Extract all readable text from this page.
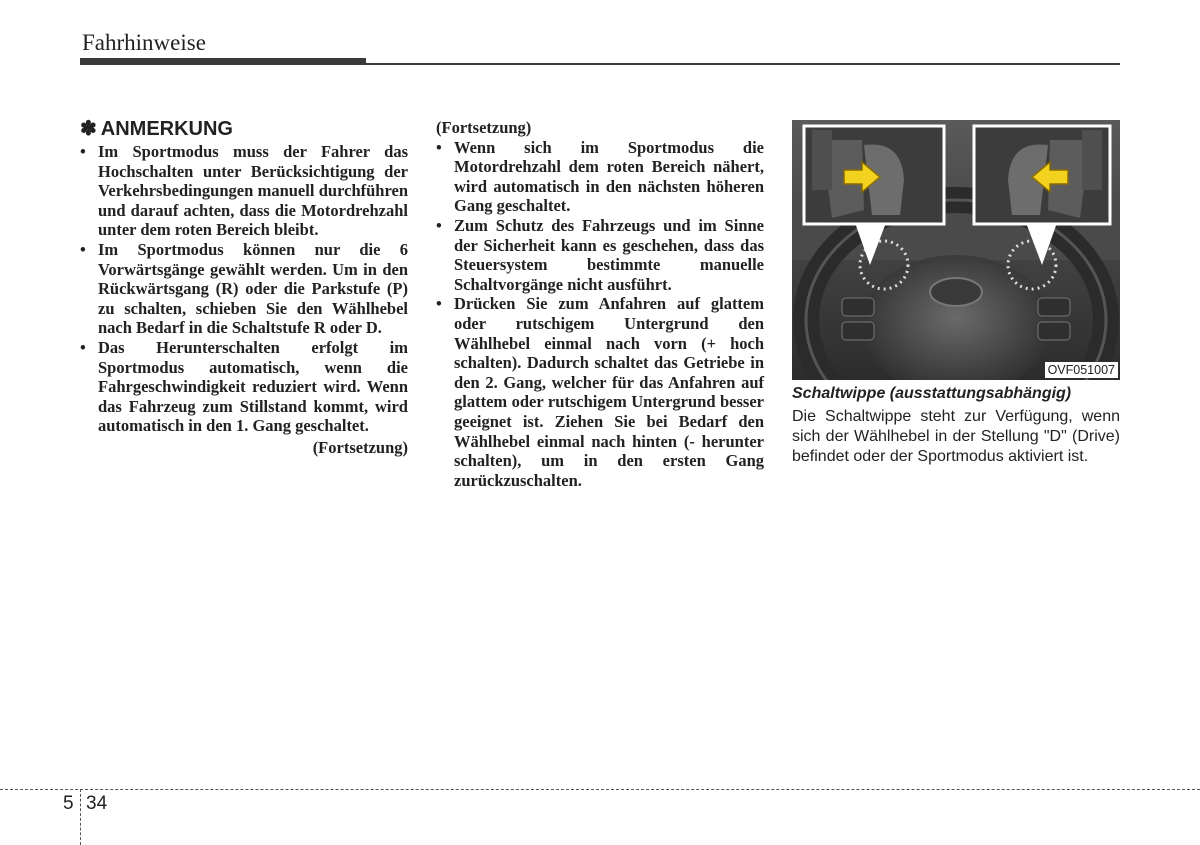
Fahrhinweise
✽ ANMERKUNG
• Im Sportmodus muss der Fahrer das Hochschalten unter Berücksichtigung der Verkehrsbedingungen manuell durchführen und darauf achten, dass die Motordrehzahl unter dem roten Bereich bleibt.
• Im Sportmodus können nur die 6 Vorwärtsgänge gewählt werden. Um in den Rückwärtsgang (R) oder die Parkstufe (P) zu schalten, schieben Sie den Wählhebel nach Bedarf in die Schaltstufe R oder D.
• Das Herunterschalten erfolgt im Sportmodus automatisch, wenn die Fahrgeschwindigkeit reduziert wird. Wenn das Fahrzeug zum Stillstand kommt, wird automatisch in den 1. Gang geschaltet.
(Fortsetzung)
(Fortsetzung)
• Wenn sich im Sportmodus die Motordrehzahl dem roten Bereich nähert, wird automatisch in den nächsten höheren Gang geschaltet.
• Zum Schutz des Fahrzeugs und im Sinne der Sicherheit kann es geschehen, dass das Steuersystem bestimmte manuelle Schaltvorgänge nicht ausführt.
• Drücken Sie zum Anfahren auf glattem oder rutschigem Untergrund den Wählhebel einmal nach vorn (+ hoch schalten). Dadurch schaltet das Getriebe in den 2. Gang, welcher für das Anfahren auf glattem oder rutschigem Untergrund besser geeignet ist. Ziehen Sie bei Bedarf den Wählhebel einmal nach hinten (- herunter schalten), um in den ersten Gang zurückzuschalten.
OVF051007
Schaltwippe (ausstattungsabhängig)
Die Schaltwippe steht zur Verfügung, wenn sich der Wählhebel in der Stellung "D" (Drive) befindet oder der Sportmodus aktiviert ist.
5 34
